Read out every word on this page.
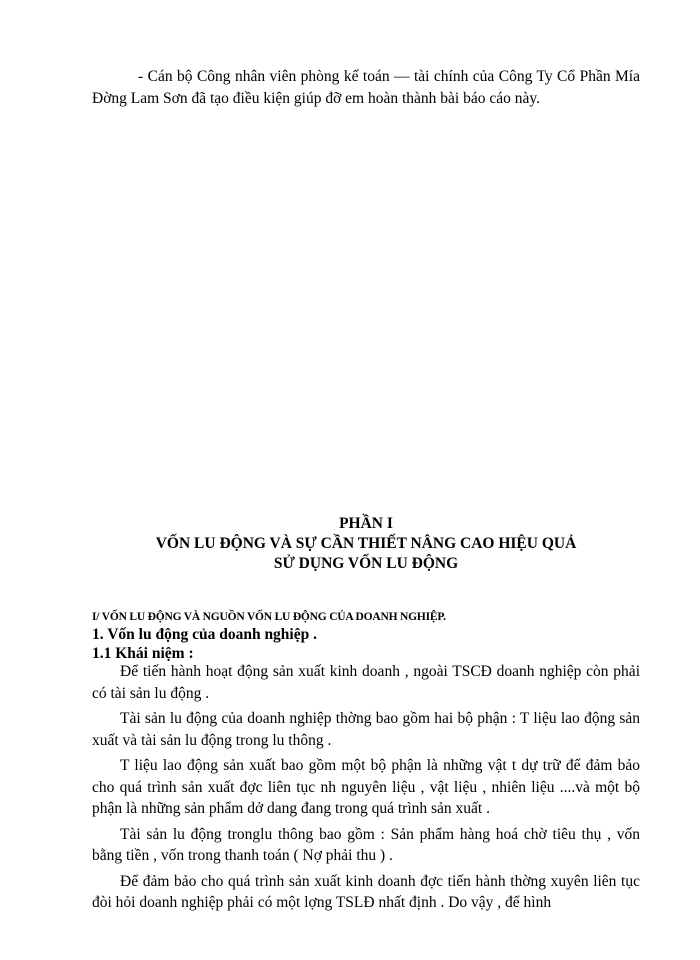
- Cán bộ Công nhân viên phòng kế toán — tài chính của Công Ty Cổ Phần Mía Đờng Lam Sơn đã tạo điều kiện giúp đỡ em hoàn thành bài báo cáo này.

PHẦN I
VỐN LU ĐỘNG VÀ SỰ CẦN THIẾT NÂNG CAO HIỆU QUẢ
SỬ DỤNG VỐN LU ĐỘNG
I/ VỐN LU ĐỘNG VÀ NGUỒN VỐN LU ĐỘNG CỦA DOANH NGHIỆP.
1. Vốn lu động của doanh nghiệp .
1.1 Khái niệm :

Để tiến hành hoạt động sản xuất kinh doanh , ngoài TSCĐ doanh nghiệp còn phải có tài sản lu động .

Tài sản lu động của doanh nghiệp thờng bao gồm hai bộ phận : T liệu lao động sản xuất và tài sản lu động trong lu thông .

T liệu lao động sản xuất bao gồm một bộ phận là những vật t dự trữ để đảm bảo cho quá trình sản xuất đợc liên tục nh nguyên liệu , vật liệu , nhiên liệu ....và một bộ phận là những sản phẩm dở dang đang trong quá trình sản xuất .

Tài sản lu động tronglu thông bao gồm : Sản phẩm hàng hoá chờ tiêu thụ , vốn bằng tiền , vốn trong thanh toán ( Nợ phải thu ) .

Để đảm bảo cho quá trình sản xuất kinh doanh đợc tiến hành thờng xuyên liên tục đòi hỏi doanh nghiệp phải có một lợng TSLĐ nhất định . Do vậy , để hình
